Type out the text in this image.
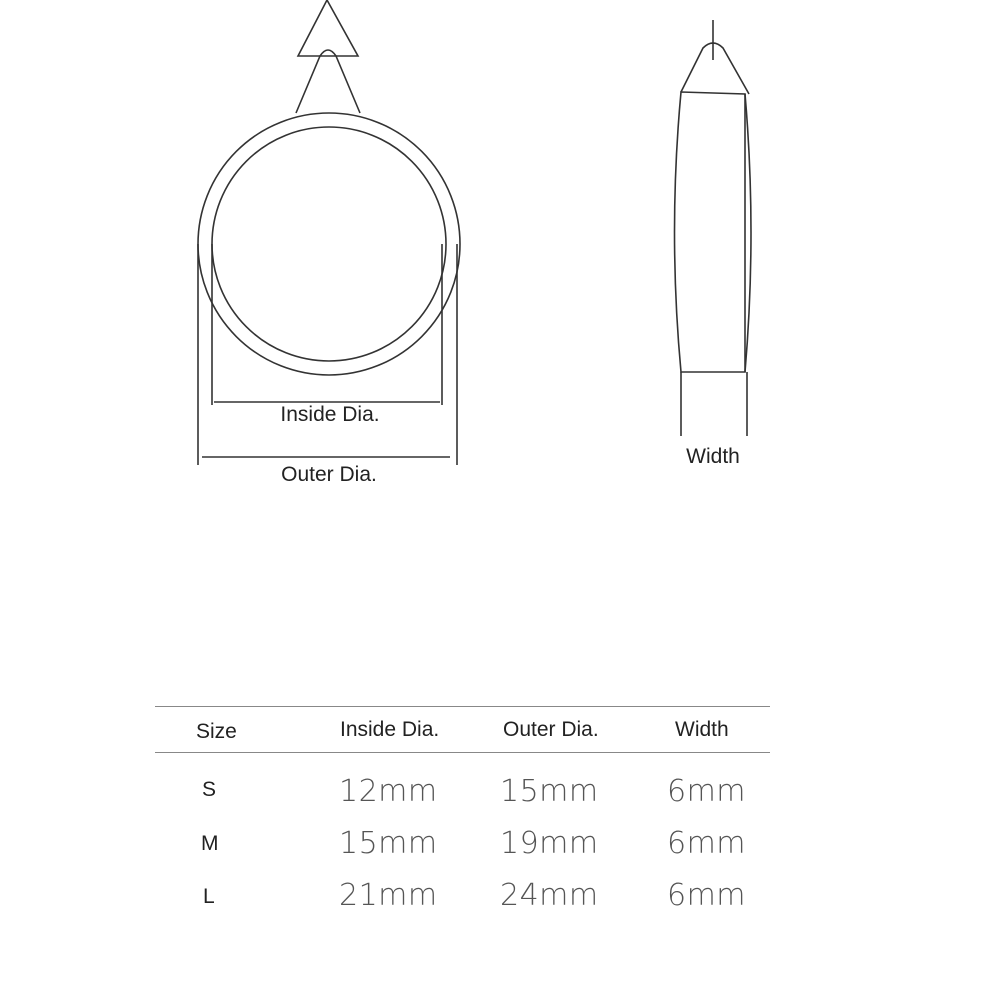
Inside Dia.
Outer Dia.
Width
Size	Inside Dia.	Outer Dia.	Width
S	12mm 15mm 6mm
M	15mm 19mm 6mm
L	21mm 24mm 6mm
